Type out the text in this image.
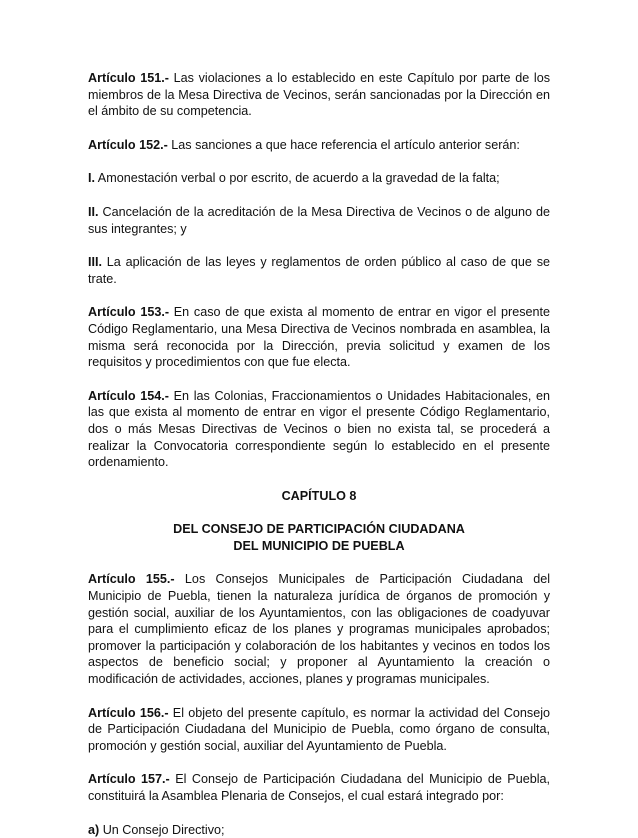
Artículo 151.- Las violaciones a lo establecido en este Capítulo por parte de los miembros de la Mesa Directiva de Vecinos, serán sancionadas por la Dirección en el ámbito de su competencia.

Artículo 152.- Las sanciones a que hace referencia el artículo anterior serán:

I. Amonestación verbal o por escrito, de acuerdo a la gravedad de la falta;

II. Cancelación de la acreditación de la Mesa Directiva de Vecinos o de alguno de sus integrantes; y

III. La aplicación de las leyes y reglamentos de orden público al caso de que se trate.

Artículo 153.- En caso de que exista al momento de entrar en vigor el presente Código Reglamentario, una Mesa Directiva de Vecinos nombrada en asamblea, la misma será reconocida por la Dirección, previa solicitud y examen de los requisitos y procedimientos con que fue electa.

Artículo 154.- En las Colonias, Fraccionamientos o Unidades Habitacionales, en las que exista al momento de entrar en vigor el presente Código Reglamentario, dos o más Mesas Directivas de Vecinos o bien no exista tal, se procederá a realizar la Convocatoria correspondiente según lo establecido en el presente ordenamiento.

CAPÍTULO 8

DEL CONSEJO DE PARTICIPACIÓN CIUDADANA

DEL MUNICIPIO DE PUEBLA

Artículo 155.- Los Consejos Municipales de Participación Ciudadana del Municipio de Puebla, tienen la naturaleza jurídica de órganos de promoción y gestión social, auxiliar de los Ayuntamientos, con las obligaciones de coadyuvar para el cumplimiento eficaz de los planes y programas municipales aprobados; promover la participación y colaboración de los habitantes y vecinos en todos los aspectos de beneficio social; y proponer al Ayuntamiento la creación o modificación de actividades, acciones, planes y programas municipales.

Artículo 156.- El objeto del presente capítulo, es normar la actividad del Consejo de Participación Ciudadana del Municipio de Puebla, como órgano de consulta, promoción y gestión social, auxiliar del Ayuntamiento de Puebla.

Artículo 157.- El Consejo de Participación Ciudadana del Municipio de Puebla, constituirá la Asamblea Plenaria de Consejos, el cual estará integrado por:

a) Un Consejo Directivo;
